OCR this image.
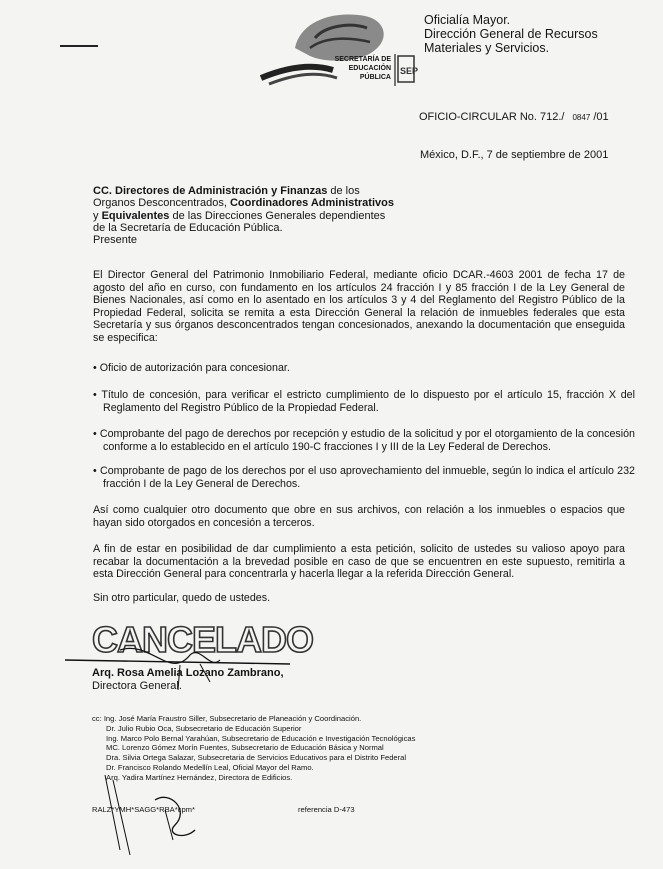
SEP
SECRETARÍA DE
EDUCACIÓN
PÚBLICA
Oficialía Mayor.
Dirección General de Recursos
Materiales y Servicios.
OFICIO-CIRCULAR No. 712./ 0847 /01
México, D.F., 7 de septiembre de 2001
CC. Directores de Administración y Finanzas de los
Organos Desconcentrados, Coordinadores Administrativos
y Equivalentes de las Direcciones Generales dependientes
de la Secretaría de Educación Pública.
Presente
El Director General del Patrimonio Inmobiliario Federal, mediante oficio DCAR.-4603 2001 de fecha 17 de agosto del año en curso, con fundamento en los artículos 24 fracción I y 85 fracción I de la Ley General de Bienes Nacionales, así como en lo asentado en los artículos 3 y 4 del Reglamento del Registro Público de la Propiedad Federal, solicita se remita a esta Dirección General la relación de inmuebles federales que esta Secretaría y sus órganos desconcentrados tengan concesionados, anexando la documentación que enseguida se especifica:
• Oficio de autorización para concesionar.
• Título de concesión, para verificar el estricto cumplimiento de lo dispuesto por el artículo 15, fracción X del Reglamento del Registro Público de la Propiedad Federal.
• Comprobante del pago de derechos por recepción y estudio de la solicitud y por el otorgamiento de la concesión conforme a lo establecido en el artículo 190-C fracciones I y III de la Ley Federal de Derechos.
• Comprobante de pago de los derechos por el uso aprovechamiento del inmueble, según lo indica el artículo 232 fracción I de la Ley General de Derechos.
Así como cualquier otro documento que obre en sus archivos, con relación a los inmuebles o espacios que hayan sido otorgados en concesión a terceros.
A fin de estar en posibilidad de dar cumplimiento a esta petición, solicito de ustedes su valioso apoyo para recabar la documentación a la brevedad posible en caso de que se encuentren en este supuesto, remitirla a esta Dirección General para concentrarla y hacerla llegar a la referida Dirección General.
Sin otro particular, quedo de ustedes.
CANCELADO
Arq. Rosa Amelia Lozano Zambrano,
Directora General.
cc: Ing. José María Fraustro Siller, Subsecretario de Planeación y Coordinación.
Dr. Julio Rubio Oca, Subsecretario de Educación Superior
Ing. Marco Polo Bernal Yarahúan, Subsecretario de Educación e Investigación Tecnológicas
MC. Lorenzo Gómez Morín Fuentes, Subsecretario de Educación Básica y Normal
Dra. Silvia Ortega Salazar, Subsecretaria de Servicios Educativos para el Distrito Federal
Dr. Francisco Rolando Medellín Leal, Oficial Mayor del Ramo.
Arq. Yadira Martínez Hernández, Directora de Edificios.
RALZ*YMH*SAGG*RBA*cpm*	referencia D-473
